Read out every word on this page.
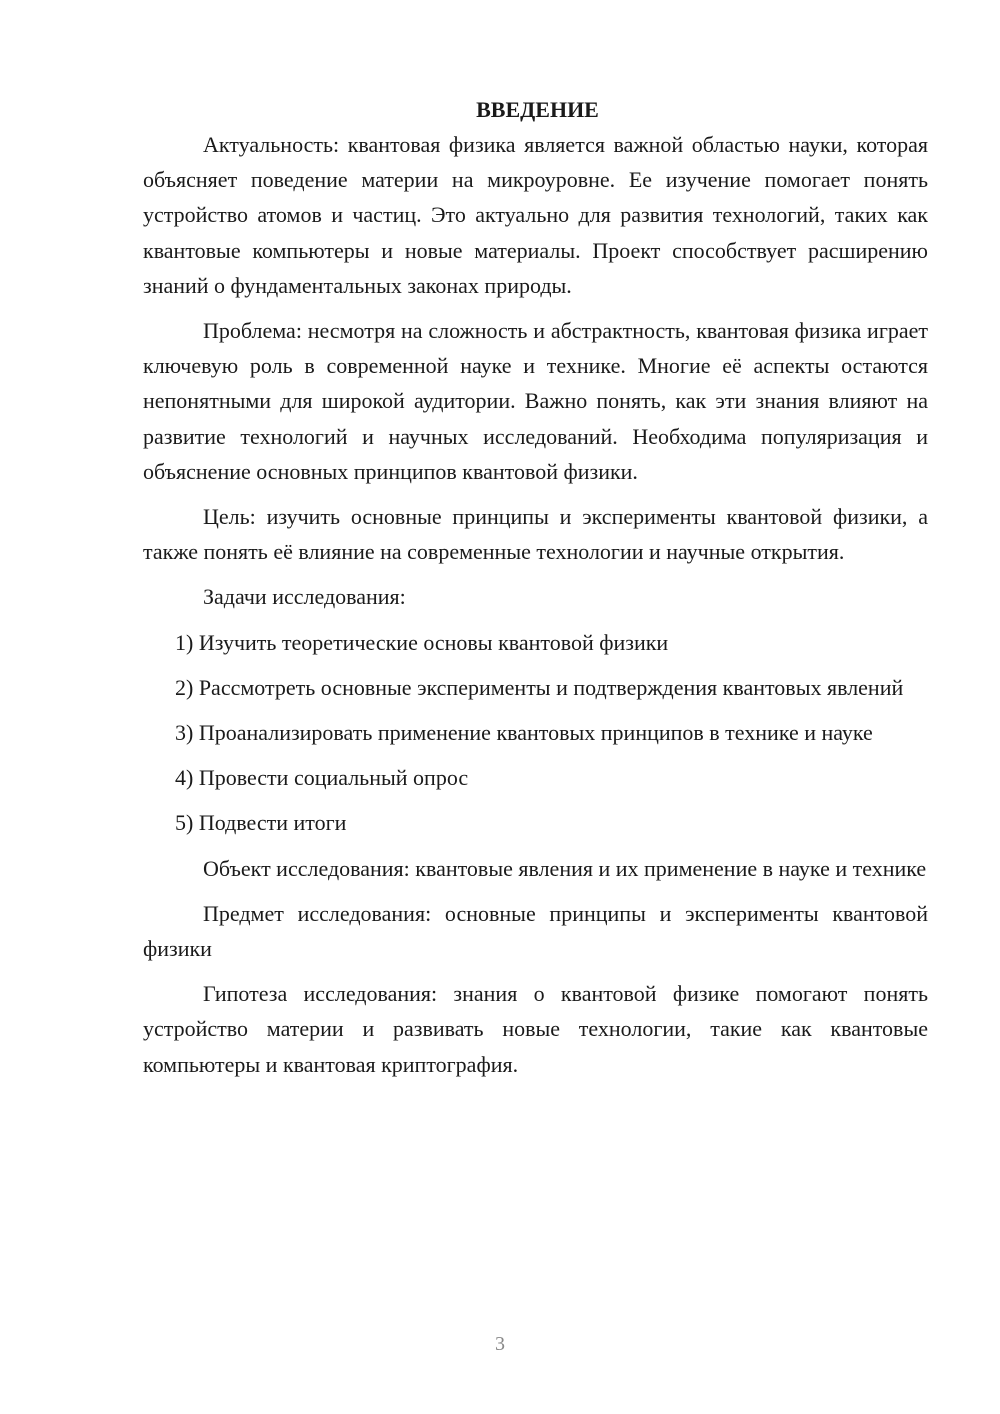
ВВЕДЕНИЕ

Актуальность: квантовая физика является важной областью науки, которая объясняет поведение материи на микроуровне. Ее изучение помогает понять устройство атомов и частиц. Это актуально для развития технологий, таких как квантовые компьютеры и новые материалы. Проект способствует расширению знаний о фундаментальных законах природы.

Проблема: несмотря на сложность и абстрактность, квантовая физика играет ключевую роль в современной науке и технике. Многие её аспекты остаются непонятными для широкой аудитории. Важно понять, как эти знания влияют на развитие технологий и научных исследований. Необходима популяризация и объяснение основных принципов квантовой физики.

Цель: изучить основные принципы и эксперименты квантовой физики, а также понять её влияние на современные технологии и научные открытия.

Задачи исследования:

1) Изучить теоретические основы квантовой физики

2) Рассмотреть основные эксперименты и подтверждения квантовых явлений

3) Проанализировать применение квантовых принципов в технике и науке

4) Провести социальный опрос

5) Подвести итоги

Объект исследования: квантовые явления и их применение в науке и технике

Предмет исследования: основные принципы и эксперименты квантовой физики

Гипотеза исследования: знания о квантовой физике помогают понять устройство материи и развивать новые технологии, такие как квантовые компьютеры и квантовая криптография.

3
